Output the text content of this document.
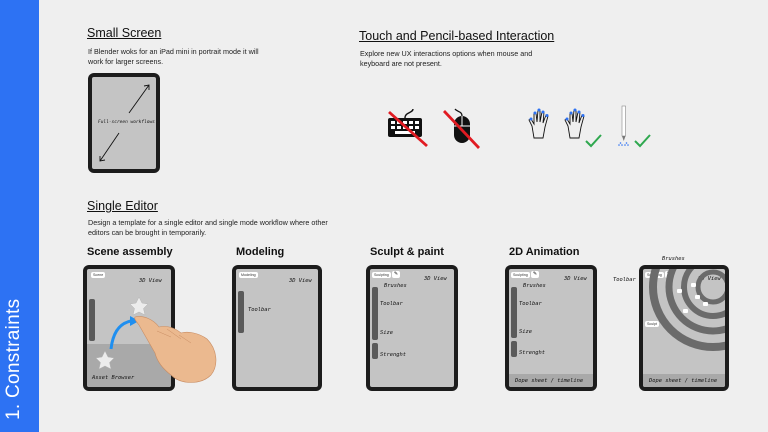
1. Constraints
Small Screen
If Blender woks for an iPad mini in portrait mode it will work for larger screens.
Full-screen workflows
Touch and Pencil-based Interaction
Explore new UX interactions options when mouse and keyboard are not present.
Single Editor
Design a template for a single editor and single mode workflow where other editors can be brought in temporarily.
Scene assembly	Modeling	Sculpt & paint	2D Animation
Scene
3D View
Asset Browser
Modeling
3D View
Toolbar
Sculpting	✎
3D View
Brushes
Toolbar
Size
Strenght
Sculpting	✎
3D View
Brushes
Toolbar
Size
Strenght
Dope sheet / timeline
Brushes
Toolbar
Sculpting	✎
3D View
Sculpt
Dope sheet / timeline
